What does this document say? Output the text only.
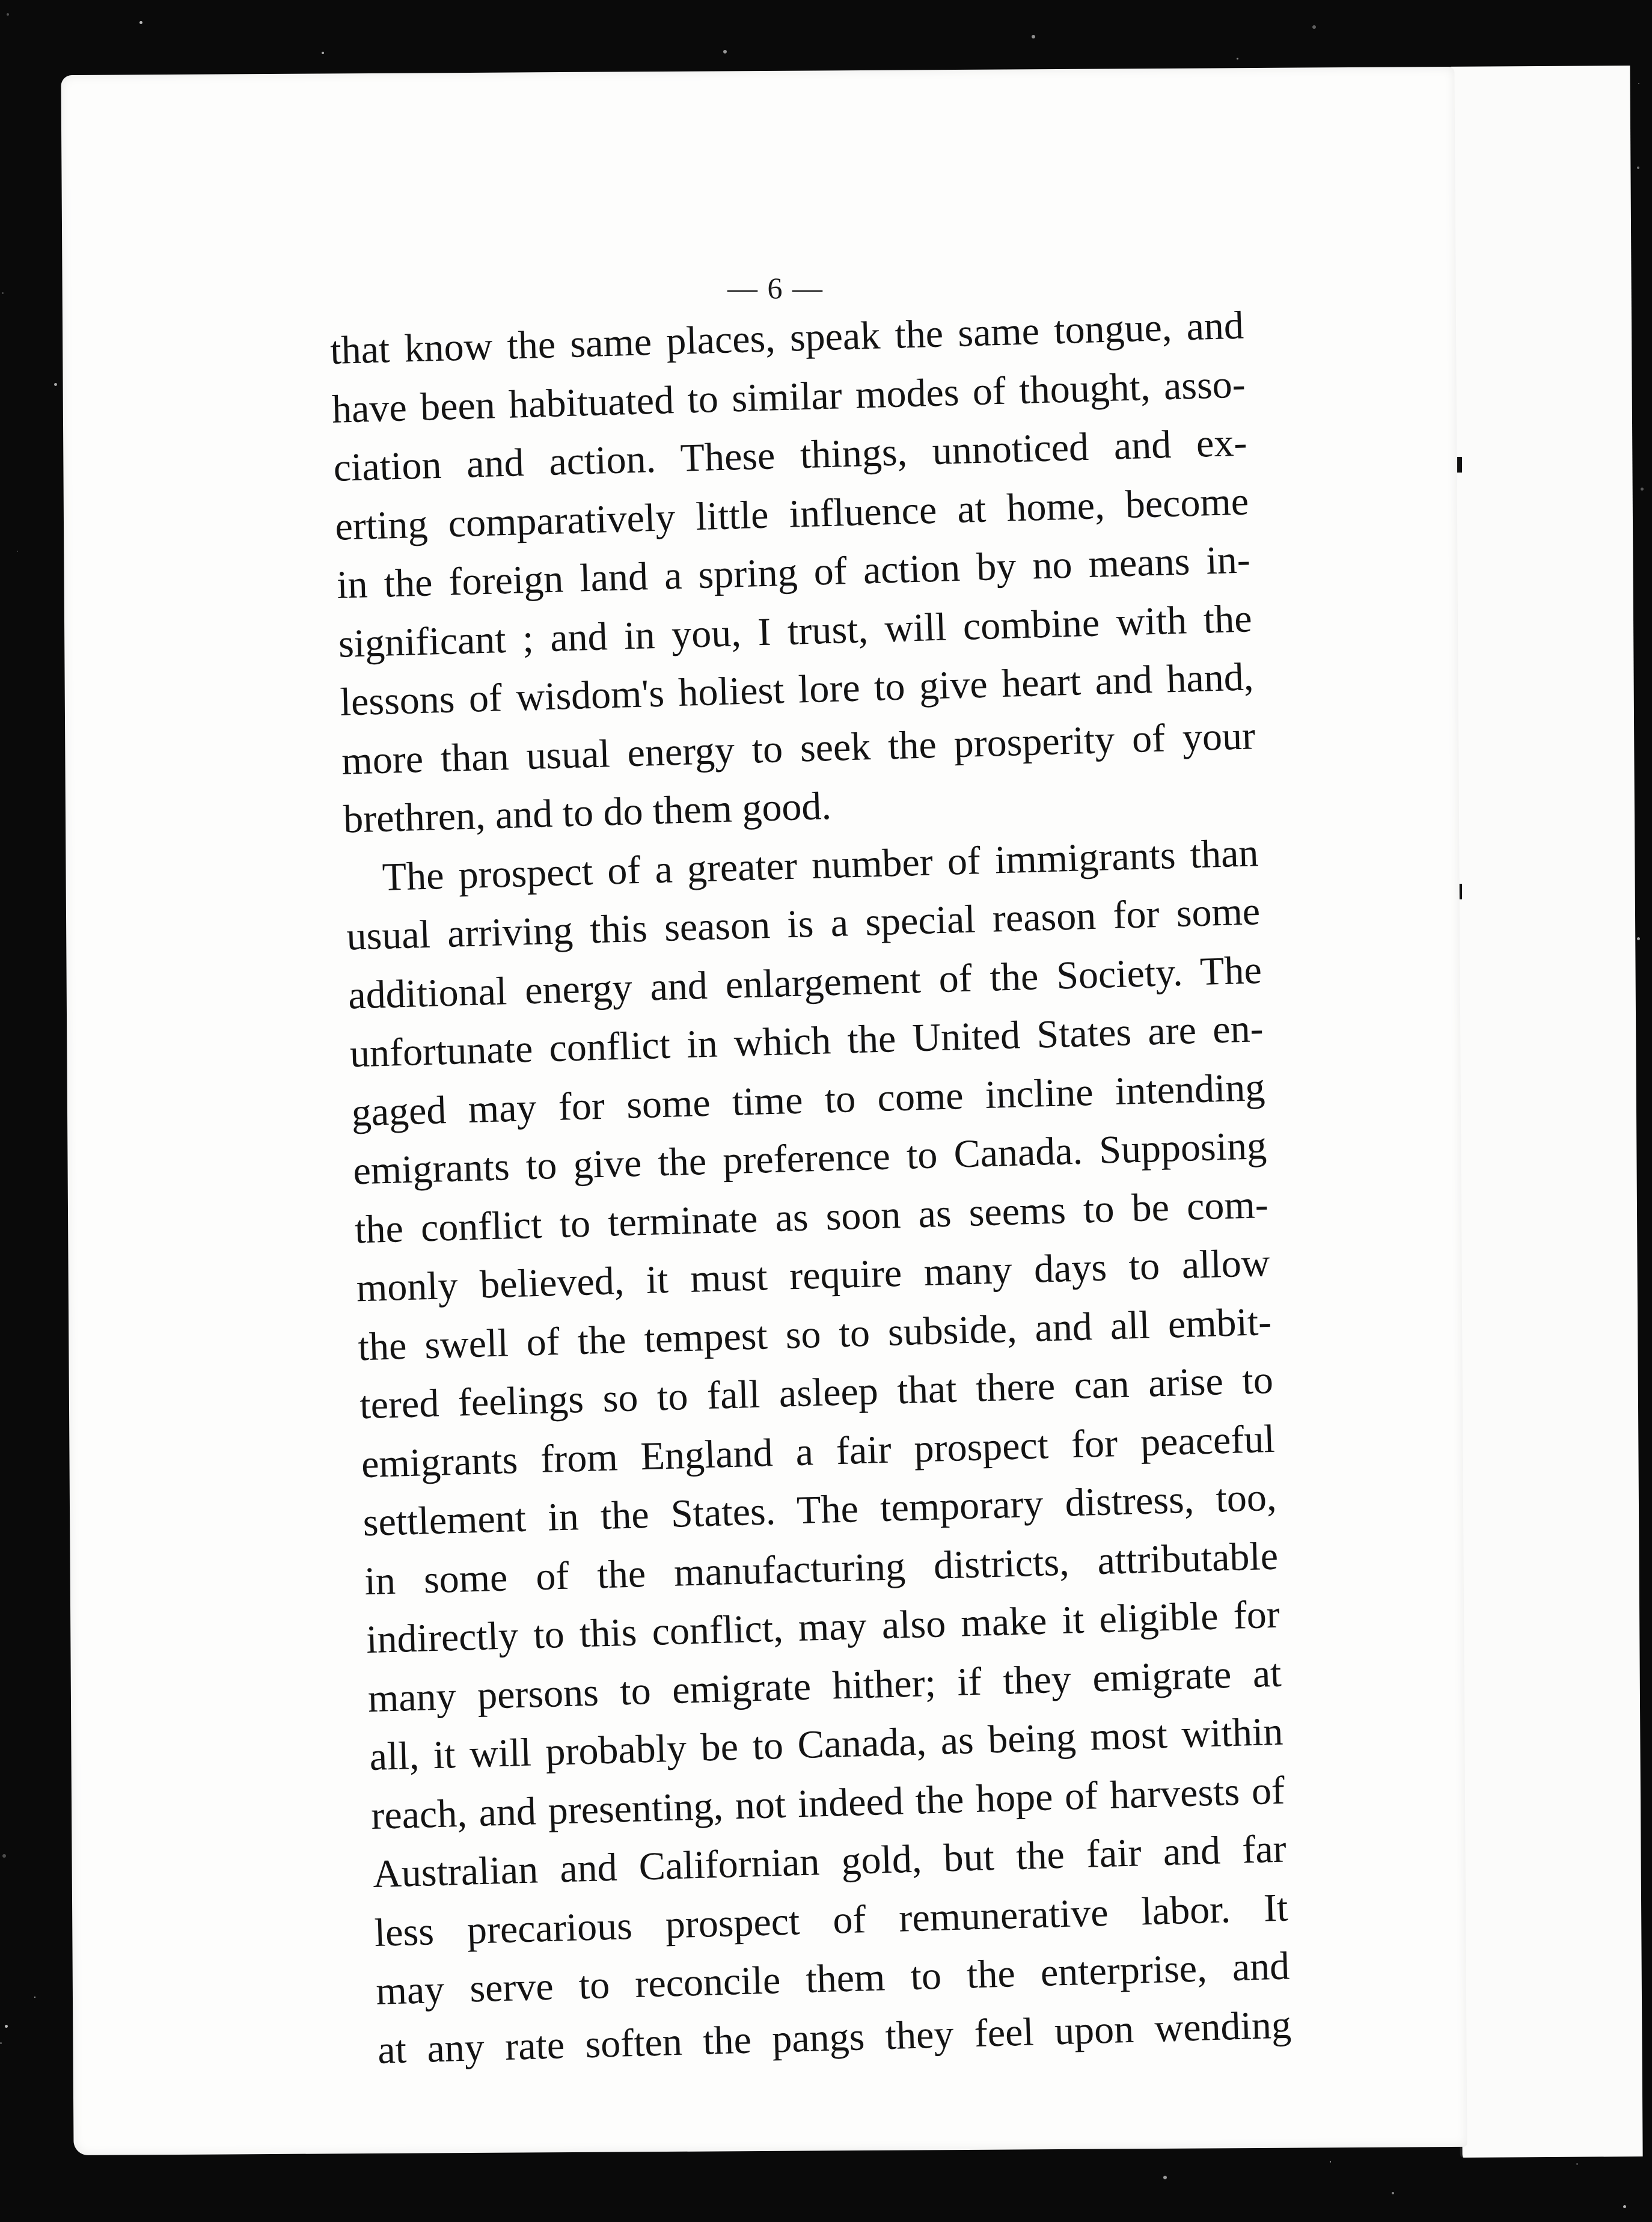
— 6 —
that know the same places, speak the same tongue, and
have been habituated to similar modes of thought, asso-
ciation and action. These things, unnoticed and ex-
erting comparatively little influence at home, become
in the foreign land a spring of action by no means in-
significant ; and in you, I trust, will combine with the
lessons of wisdom's holiest lore to give heart and hand,
more than usual energy to seek the prosperity of your
brethren, and to do them good.
The prospect of a greater number of immigrants than
usual arriving this season is a special reason for some
additional energy and enlargement of the Society. The
unfortunate conflict in which the United States are en-
gaged may for some time to come incline intending
emigrants to give the preference to Canada. Supposing
the conflict to terminate as soon as seems to be com-
monly believed, it must require many days to allow
the swell of the tempest so to subside, and all embit-
tered feelings so to fall asleep that there can arise to
emigrants from England a fair prospect for peaceful
settlement in the States. The temporary distress, too,
in some of the manufacturing districts, attributable
indirectly to this conflict, may also make it eligible for
many persons to emigrate hither; if they emigrate at
all, it will probably be to Canada, as being most within
reach, and presenting, not indeed the hope of harvests of
Australian and Californian gold, but the fair and far
less precarious prospect of remunerative labor. It
may serve to reconcile them to the enterprise, and
at any rate soften the pangs they feel upon wending
